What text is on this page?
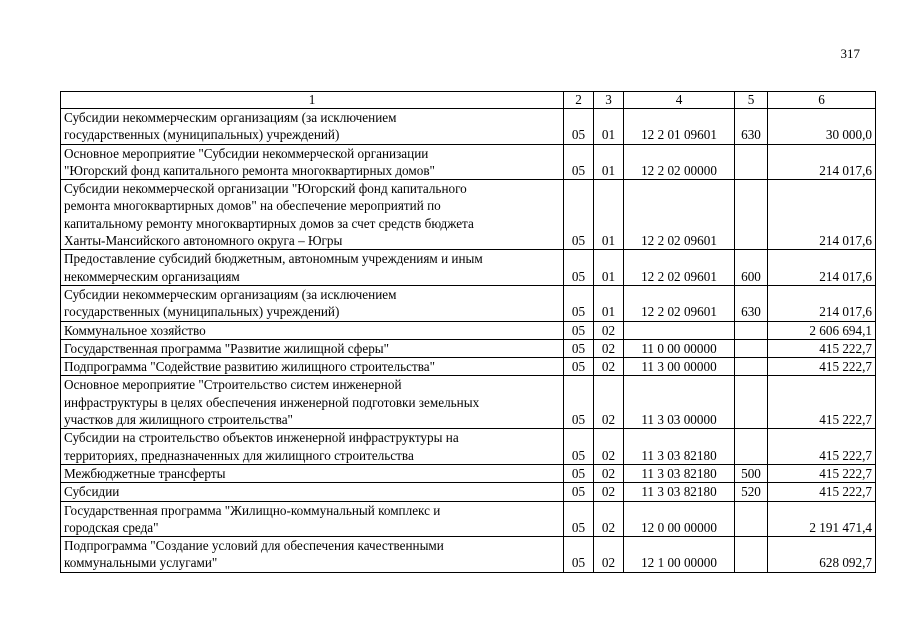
317
1	2	3	4	5	6
Субсидии некоммерческим организациям (за исключением
государственных (муниципальных) учреждений)	05	01	12 2 01 09601	630	30 000,0
Основное мероприятие "Субсидии некоммерческой организации
"Югорский фонд капитального ремонта многоквартирных домов"	05	01	12 2 02 00000		214 017,6
Субсидии некоммерческой организации "Югорский фонд капитального
ремонта многоквартирных домов" на обеспечение мероприятий по
капитальному ремонту многоквартирных домов за счет средств бюджета
Ханты-Мансийского автономного округа – Югры	05	01	12 2 02 09601		214 017,6
Предоставление субсидий бюджетным, автономным учреждениям и иным
некоммерческим организациям	05	01	12 2 02 09601	600	214 017,6
Субсидии некоммерческим организациям (за исключением
государственных (муниципальных) учреждений)	05	01	12 2 02 09601	630	214 017,6
Коммунальное хозяйство	05	02			2 606 694,1
Государственная программа "Развитие жилищной сферы"	05	02	11 0 00 00000		415 222,7
Подпрограмма "Содействие развитию жилищного строительства"	05	02	11 3 00 00000		415 222,7
Основное мероприятие "Строительство систем инженерной
инфраструктуры в целях обеспечения инженерной подготовки земельных
участков для жилищного строительства"	05	02	11 3 03 00000		415 222,7
Субсидии на строительство объектов инженерной инфраструктуры на
территориях, предназначенных для жилищного строительства	05	02	11 3 03 82180		415 222,7
Межбюджетные трансферты	05	02	11 3 03 82180	500	415 222,7
Субсидии	05	02	11 3 03 82180	520	415 222,7
Государственная программа "Жилищно-коммунальный комплекс и
городская среда"	05	02	12 0 00 00000		2 191 471,4
Подпрограмма "Создание условий для обеспечения качественными
коммунальными услугами"	05	02	12 1 00 00000		628 092,7
